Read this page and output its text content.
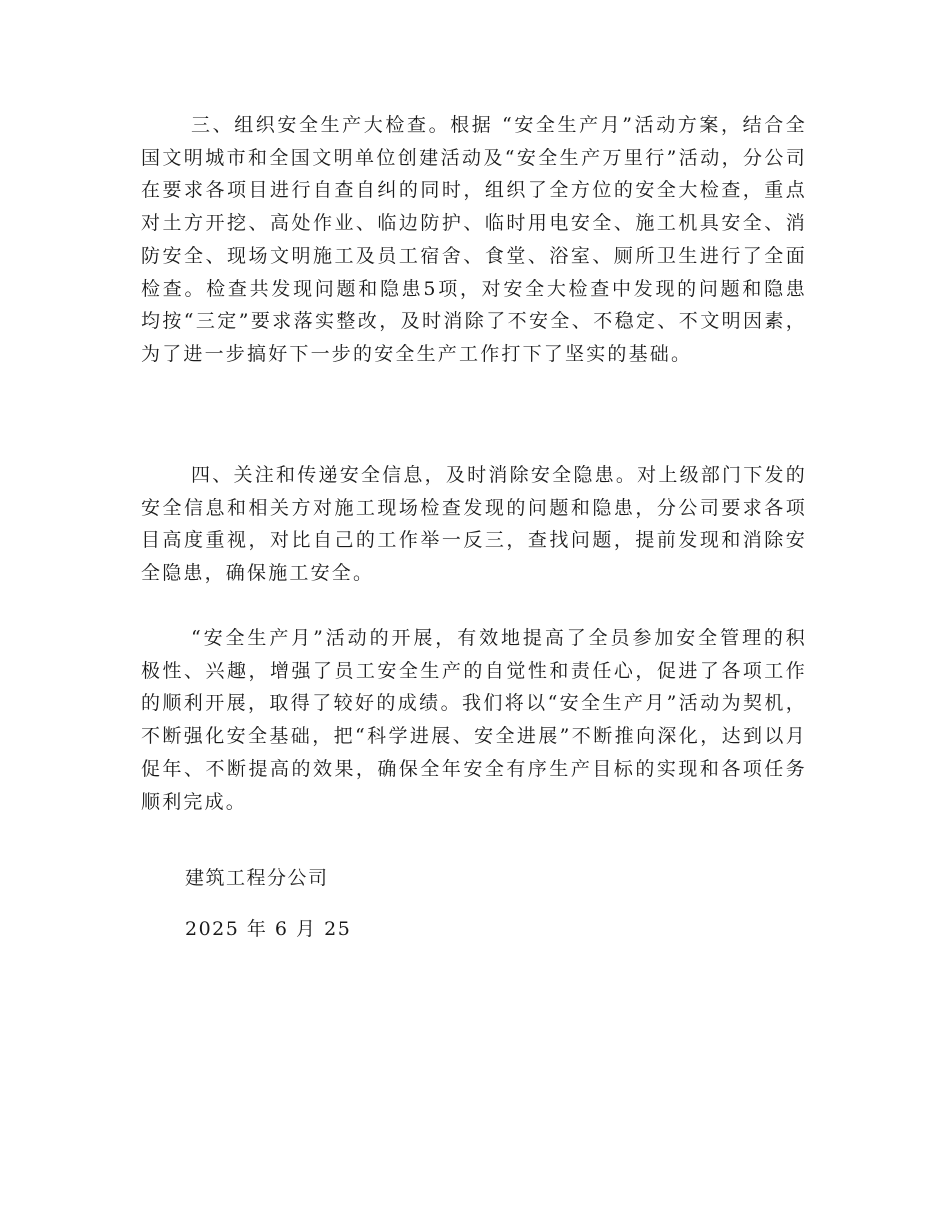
三、组织安全生产大检查。根据 “安全生产月”活动方案，结合全国文明城市和全国文明单位创建活动及“安全生产万里行”活动，分公司在要求各项目进行自查自纠的同时，组织了全方位的安全大检查，重点对土方开挖、高处作业、临边防护、临时用电安全、施工机具安全、消防安全、现场文明施工及员工宿舍、食堂、浴室、厕所卫生进行了全面检查。检查共发现问题和隐患5项，对安全大检查中发现的问题和隐患均按“三定”要求落实整改，及时消除了不安全、不稳定、不文明因素，为了进一步搞好下一步的安全生产工作打下了坚实的基础。

四、关注和传递安全信息，及时消除安全隐患。对上级部门下发的安全信息和相关方对施工现场检查发现的问题和隐患，分公司要求各项目高度重视，对比自己的工作举一反三，查找问题，提前发现和消除安全隐患，确保施工安全。

“安全生产月”活动的开展，有效地提高了全员参加安全管理的积极性、兴趣，增强了员工安全生产的自觉性和责任心，促进了各项工作的顺利开展，取得了较好的成绩。我们将以“安全生产月”活动为契机，不断强化安全基础，把“科学进展、安全进展”不断推向深化，达到以月促年、不断提高的效果，确保全年安全有序生产目标的实现和各项任务顺利完成。

建筑工程分公司

2025 年 6 月 25
